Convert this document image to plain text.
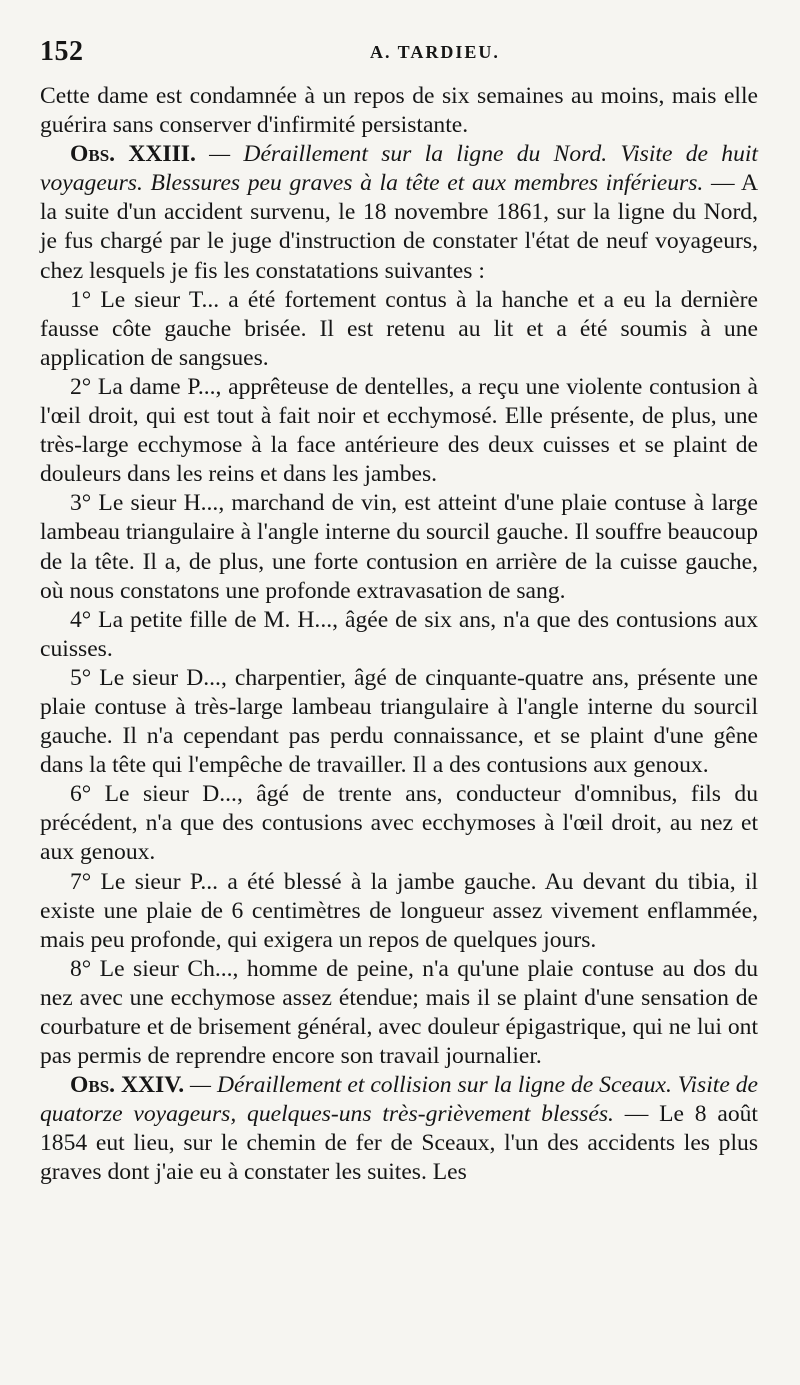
152	A. TARDIEU.

Cette dame est condamnée à un repos de six semaines au moins, mais elle guérira sans conserver d'infirmité persistante.

Obs. XXIII. — Déraillement sur la ligne du Nord. Visite de huit voyageurs. Blessures peu graves à la tête et aux membres inférieurs. — A la suite d'un accident survenu, le 18 novembre 1861, sur la ligne du Nord, je fus chargé par le juge d'instruction de constater l'état de neuf voyageurs, chez lesquels je fis les constatations suivantes :

1° Le sieur T... a été fortement contus à la hanche et a eu la dernière fausse côte gauche brisée. Il est retenu au lit et a été soumis à une application de sangsues.

2° La dame P..., apprêteuse de dentelles, a reçu une violente contusion à l'œil droit, qui est tout à fait noir et ecchymosé. Elle présente, de plus, une très-large ecchymose à la face antérieure des deux cuisses et se plaint de douleurs dans les reins et dans les jambes.

3° Le sieur H..., marchand de vin, est atteint d'une plaie contuse à large lambeau triangulaire à l'angle interne du sourcil gauche. Il souffre beaucoup de la tête. Il a, de plus, une forte contusion en arrière de la cuisse gauche, où nous constatons une profonde extravasation de sang.

4° La petite fille de M. H..., âgée de six ans, n'a que des contusions aux cuisses.

5° Le sieur D..., charpentier, âgé de cinquante-quatre ans, présente une plaie contuse à très-large lambeau triangulaire à l'angle interne du sourcil gauche. Il n'a cependant pas perdu connaissance, et se plaint d'une gêne dans la tête qui l'empêche de travailler. Il a des contusions aux genoux.

6° Le sieur D..., âgé de trente ans, conducteur d'omnibus, fils du précédent, n'a que des contusions avec ecchymoses à l'œil droit, au nez et aux genoux.

7° Le sieur P... a été blessé à la jambe gauche. Au devant du tibia, il existe une plaie de 6 centimètres de longueur assez vivement enflammée, mais peu profonde, qui exigera un repos de quelques jours.

8° Le sieur Ch..., homme de peine, n'a qu'une plaie contuse au dos du nez avec une ecchymose assez étendue; mais il se plaint d'une sensation de courbature et de brisement général, avec douleur épigastrique, qui ne lui ont pas permis de reprendre encore son travail journalier.

Obs. XXIV. — Déraillement et collision sur la ligne de Sceaux. Visite de quatorze voyageurs, quelques-uns très-grièvement blessés. — Le 8 août 1854 eut lieu, sur le chemin de fer de Sceaux, l'un des accidents les plus graves dont j'aie eu à constater les suites. Les
